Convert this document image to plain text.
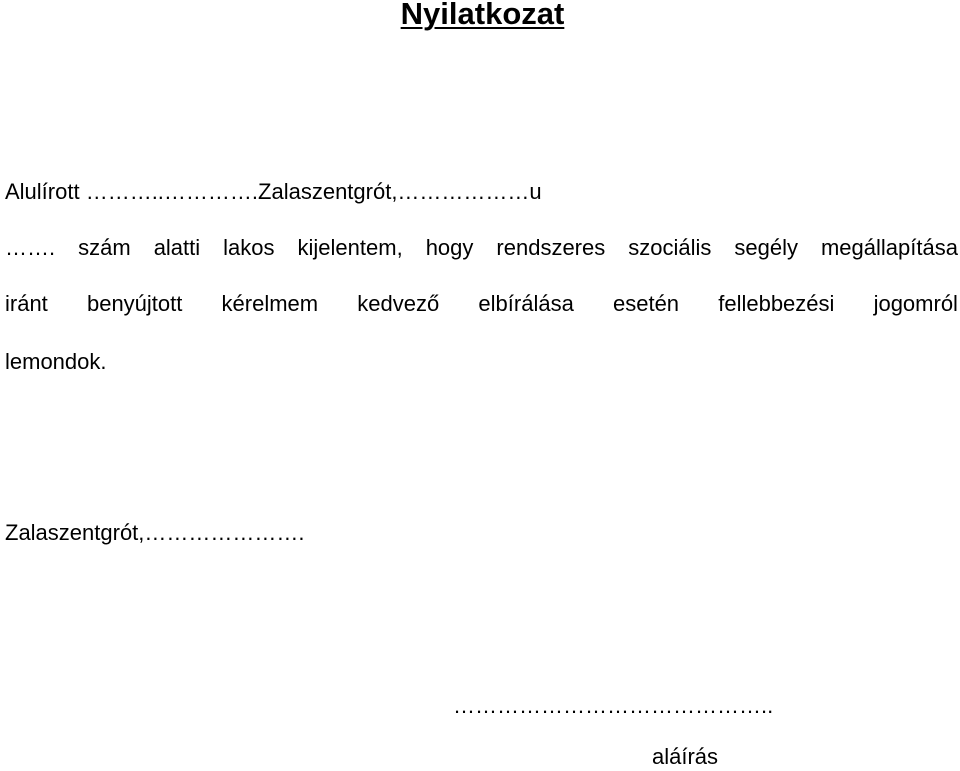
Nyilatkozat
Alulírott ………..………….Zalaszentgrót,………………u
……. szám alatti lakos kijelentem, hogy rendszeres szociális segély megállapítása
iránt benyújtott kérelmem kedvező elbírálása esetén fellebbezési jogomról
lemondok.
Zalaszentgrót,………………….
……………………………………..
aláírás
